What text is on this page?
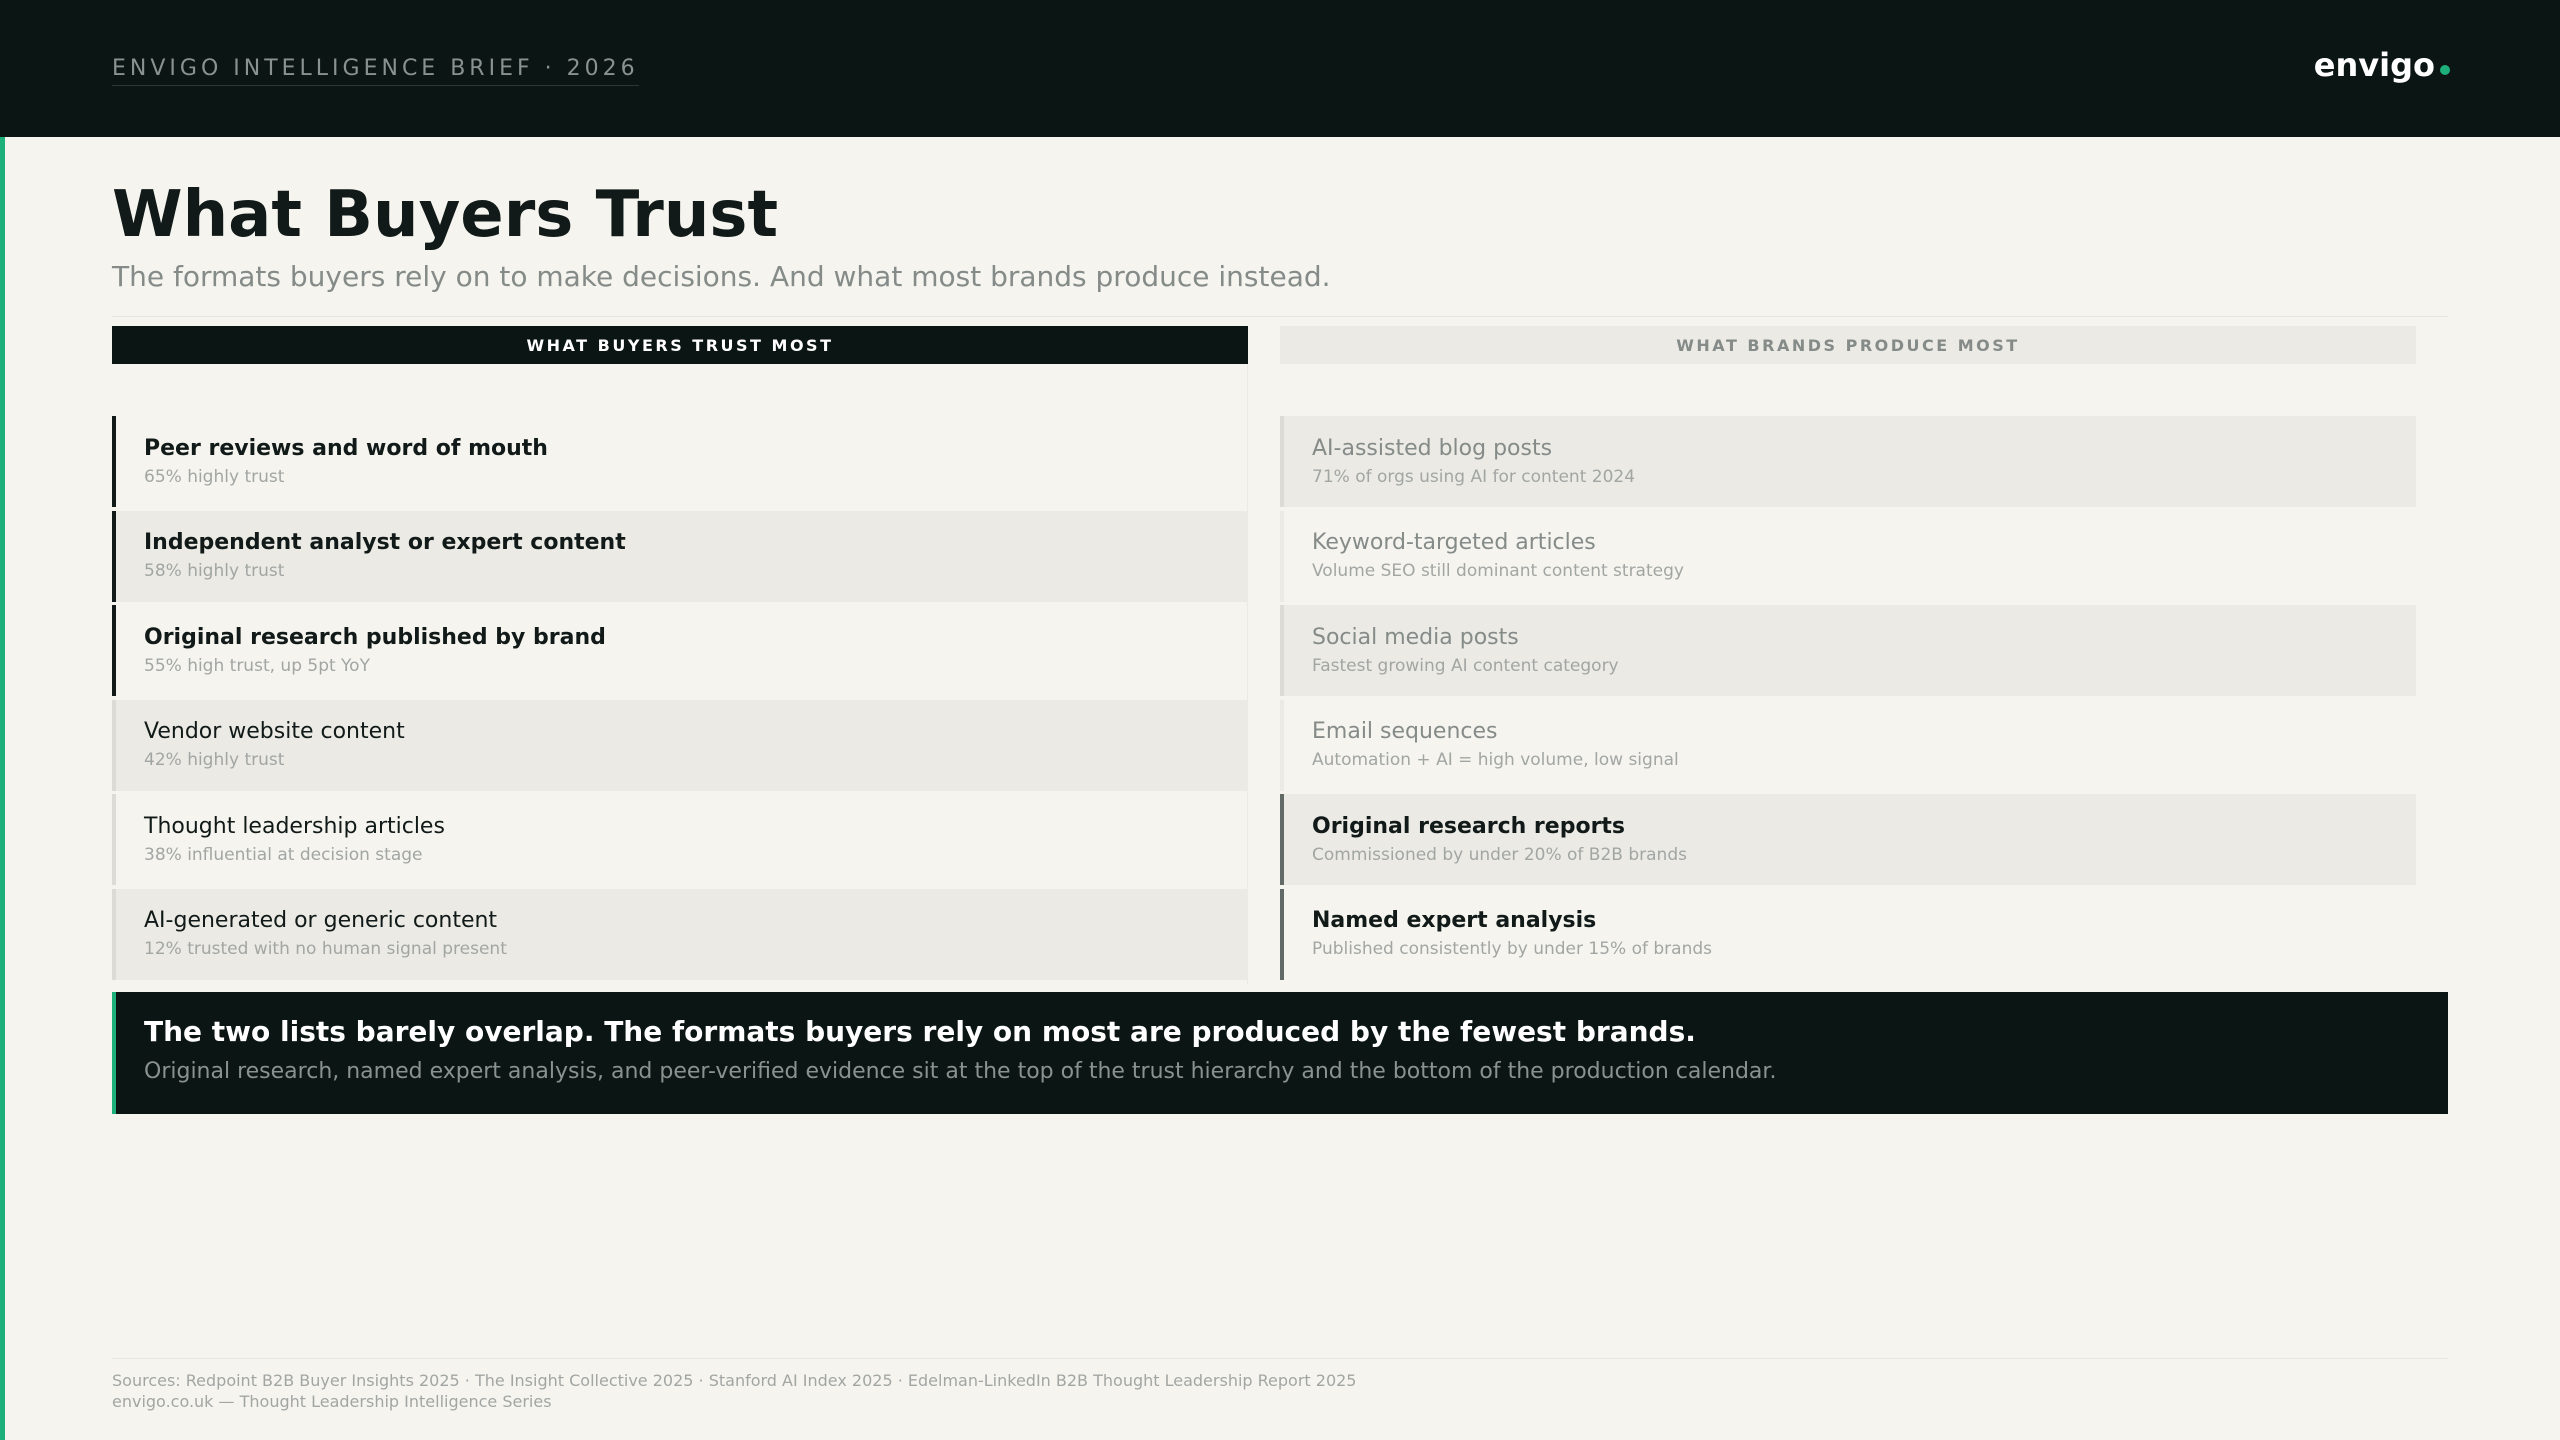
ENVIGO INTELLIGENCE BRIEF · 2026	envigo
What Buyers Trust
The formats buyers rely on to make decisions. And what most brands produce instead.
WHAT BUYERS TRUST MOST
Peer reviews and word of mouth
65% highly trust
Independent analyst or expert content
58% highly trust
Original research published by brand
55% high trust, up 5pt YoY
Vendor website content
42% highly trust
Thought leadership articles
38% influential at decision stage
AI-generated or generic content
12% trusted with no human signal present
WHAT BRANDS PRODUCE MOST
AI-assisted blog posts
71% of orgs using AI for content 2024
Keyword-targeted articles
Volume SEO still dominant content strategy
Social media posts
Fastest growing AI content category
Email sequences
Automation + AI = high volume, low signal
Original research reports
Commissioned by under 20% of B2B brands
Named expert analysis
Published consistently by under 15% of brands
The two lists barely overlap. The formats buyers rely on most are produced by the fewest brands.
Original research, named expert analysis, and peer-verified evidence sit at the top of the trust hierarchy and the bottom of the production calendar.
Sources: Redpoint B2B Buyer Insights 2025 · The Insight Collective 2025 · Stanford AI Index 2025 · Edelman-LinkedIn B2B Thought Leadership Report 2025
envigo.co.uk — Thought Leadership Intelligence Series
